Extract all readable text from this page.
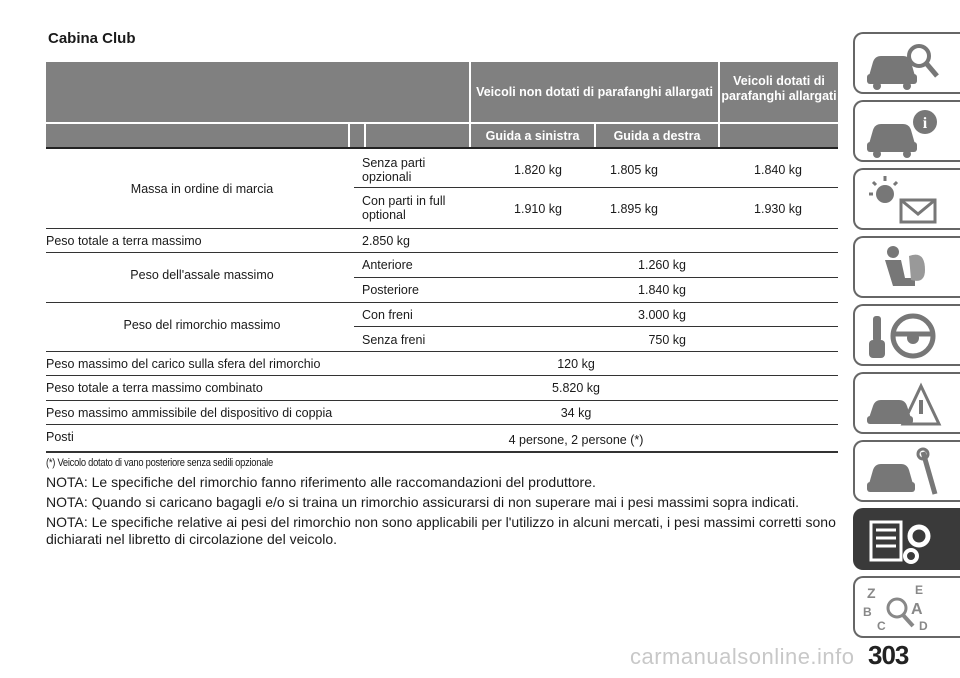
Cabina Club
Veicoli non dotati di parafanghi allargati
Veicoli dotati di parafanghi allargati
Guida a sinistra	Guida a destra
Massa in ordine di marcia
Senza parti opzionali	1.820 kg	1.805 kg	1.840 kg
Con parti in full optional	1.910 kg	1.895 kg	1.930 kg
Peso totale a terra massimo	2.850 kg
Peso dell'assale massimo
Anteriore	1.260 kg
Posteriore	1.840 kg
Peso del rimorchio massimo
Con freni	3.000 kg
Senza freni	750 kg
Peso massimo del carico sulla sfera del rimorchio	120 kg
Peso totale a terra massimo combinato	5.820 kg
Peso massimo ammissibile del dispositivo di coppia	34 kg
Posti	4 persone, 2 persone (*)
(*) Veicolo dotato di vano posteriore senza sedili opzionale
NOTA: Le specifiche del rimorchio fanno riferimento alle raccomandazioni del produttore.
NOTA: Quando si caricano bagagli e/o si traina un rimorchio assicurarsi di non superare mai i pesi massimi sopra indicati.
NOTA: Le specifiche relative ai pesi del rimorchio non sono applicabili per l'utilizzo in alcuni mercati, i pesi massimi corretti sono dichiarati nel libretto di circolazione del veicolo.
i
Z	E
B A
C	D
carmanualsonline.info 303
